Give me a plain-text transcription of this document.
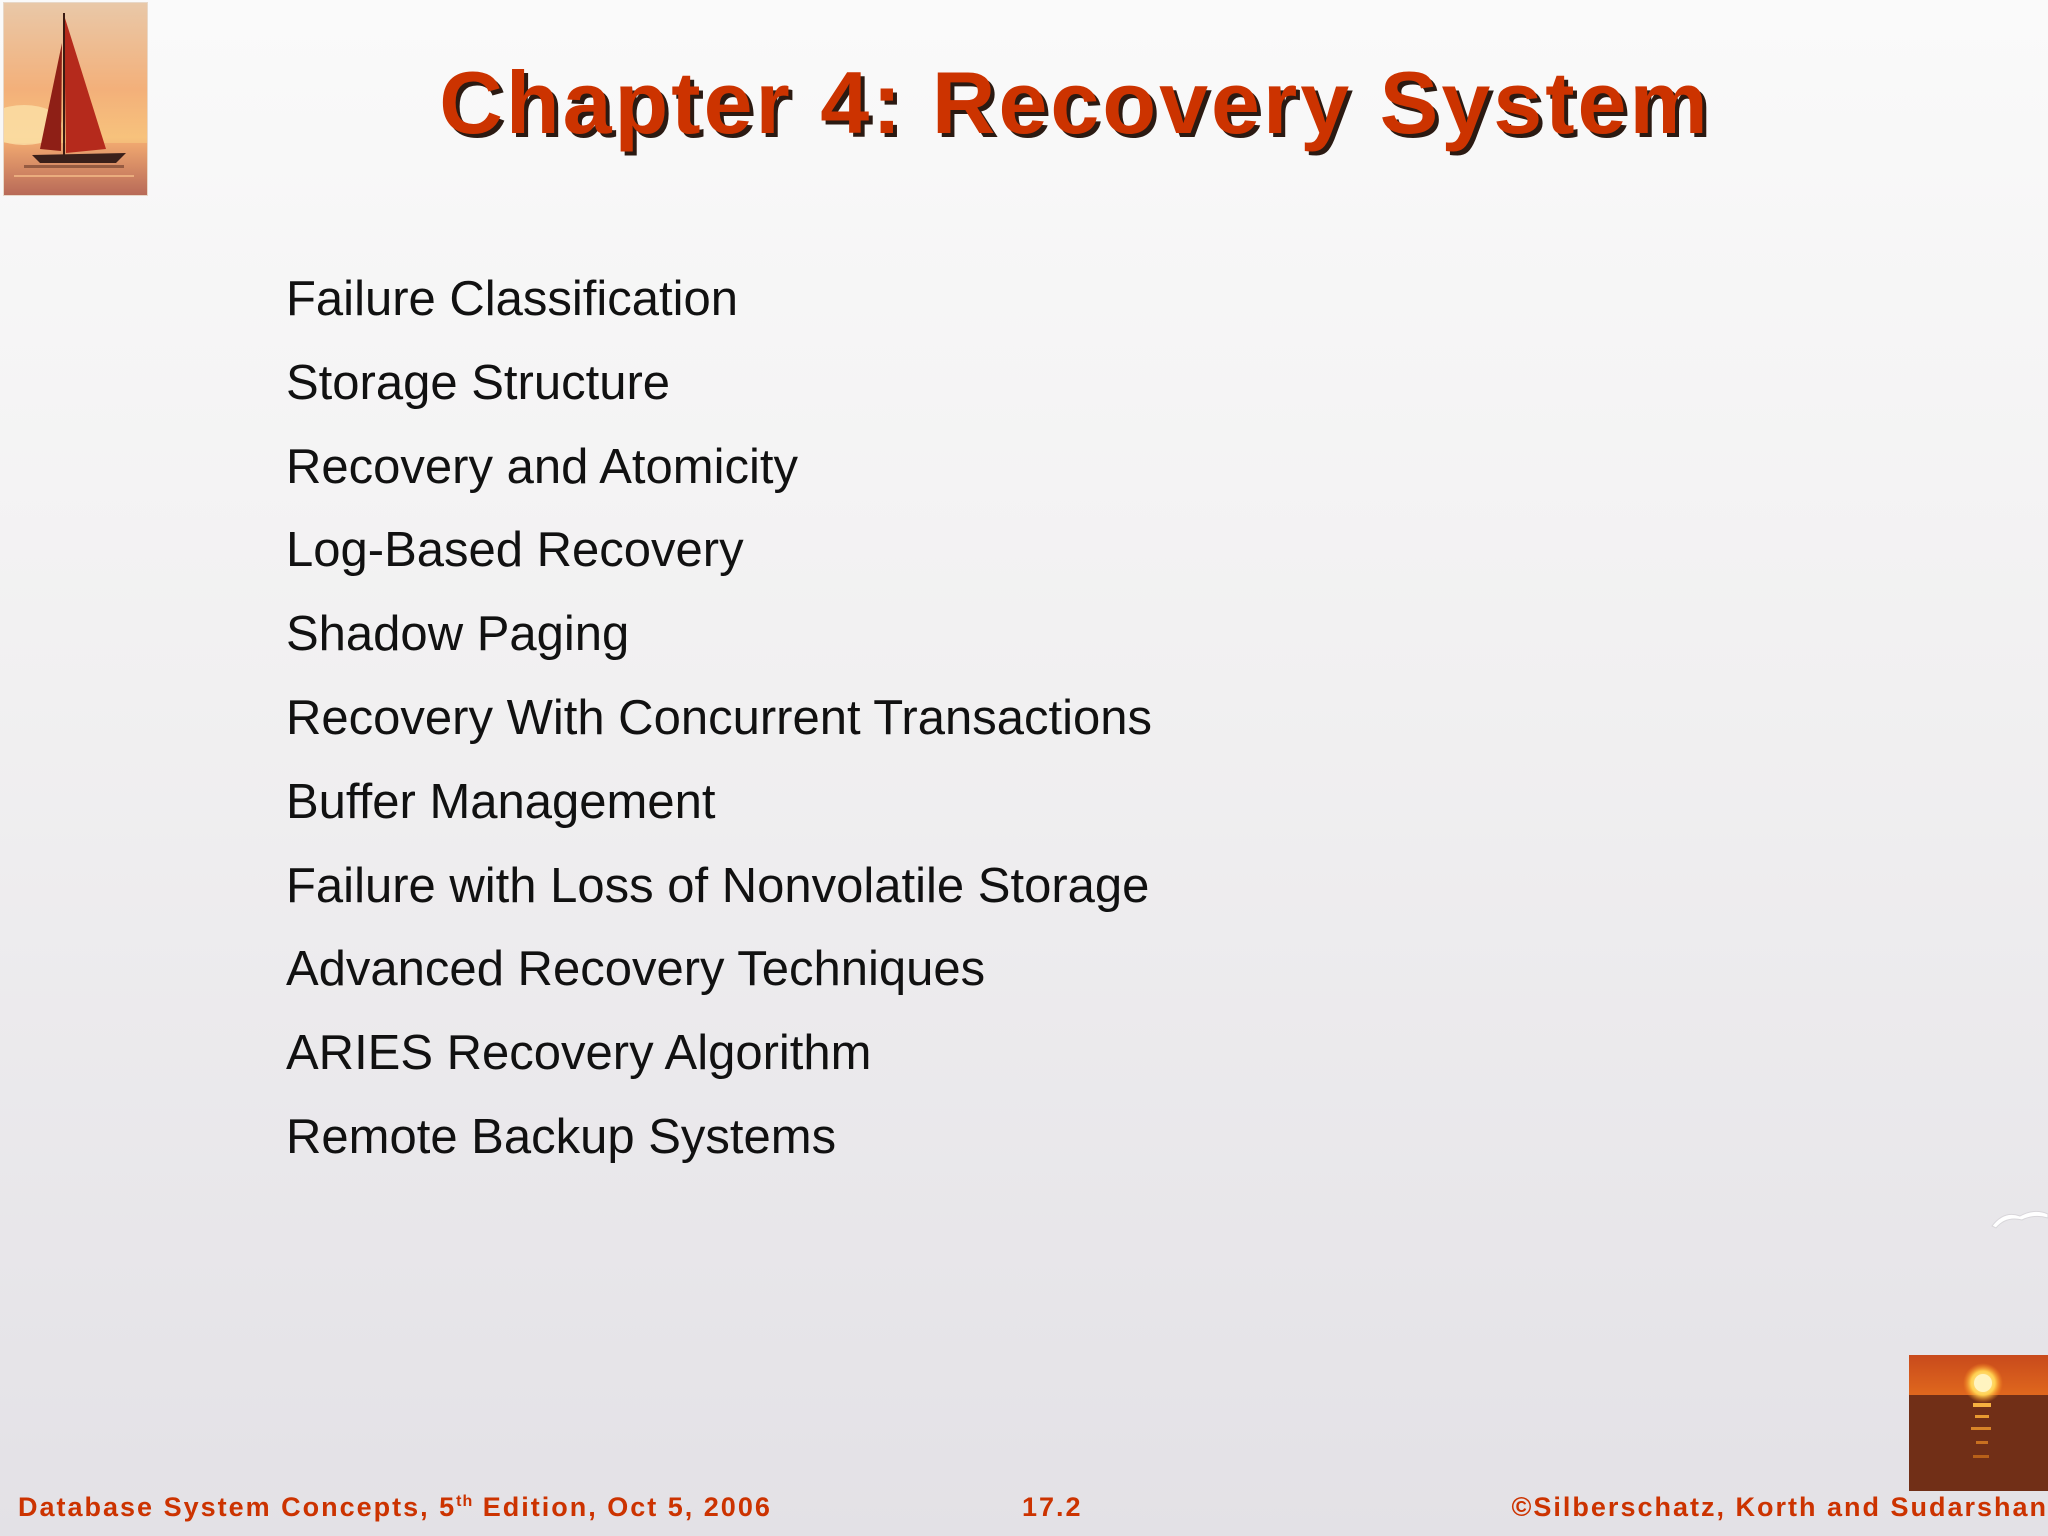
Chapter 4: Recovery System
Failure Classification
Storage Structure
Recovery and Atomicity
Log-Based Recovery
Shadow Paging
Recovery With Concurrent Transactions
Buffer Management
Failure with Loss of Nonvolatile Storage
Advanced Recovery Techniques
ARIES Recovery Algorithm
Remote Backup Systems
Database System Concepts, 5th Edition, Oct 5, 2006	17.2	©Silberschatz, Korth and Sudarshan
